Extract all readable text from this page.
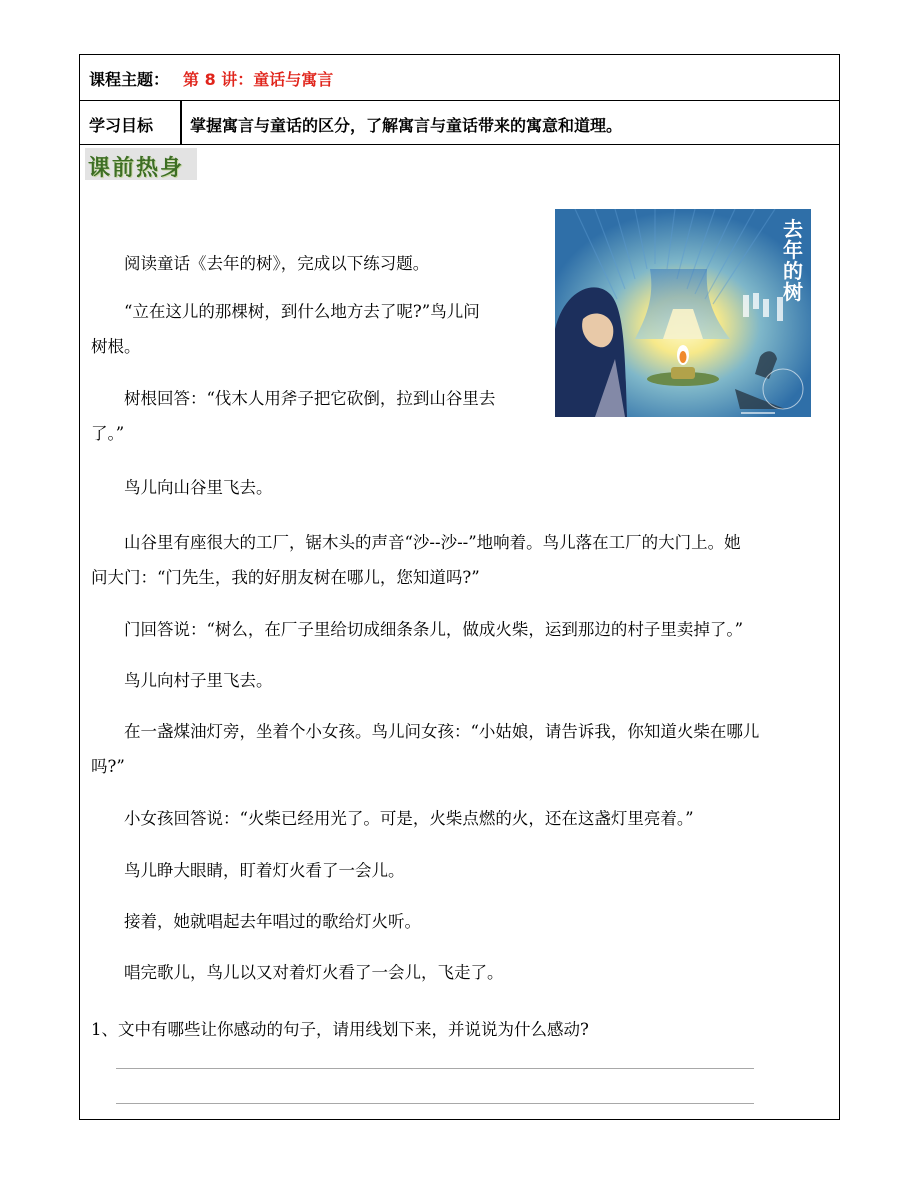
课程主题： 第 8 讲：童话与寓言
学习目标 掌握寓言与童话的区分，了解寓言与童话带来的寓意和道理。
课前热身
去
年
的
树
阅读童话《去年的树》，完成以下练习题。
“立在这儿的那棵树，到什么地方去了呢?”鸟儿问
树根。
树根回答：“伐木人用斧子把它砍倒，拉到山谷里去
了。”
鸟儿向山谷里飞去。
山谷里有座很大的工厂，锯木头的声音“沙--沙--”地响着。鸟儿落在工厂的大门上。她
问大门：“门先生，我的好朋友树在哪儿，您知道吗?”
门回答说：“树么，在厂子里给切成细条条儿，做成火柴，运到那边的村子里卖掉了。”
鸟儿向村子里飞去。
在一盏煤油灯旁，坐着个小女孩。鸟儿问女孩：“小姑娘，请告诉我，你知道火柴在哪儿
吗?”
小女孩回答说：“火柴已经用光了。可是，火柴点燃的火，还在这盏灯里亮着。”
鸟儿睁大眼睛，盯着灯火看了一会儿。
接着，她就唱起去年唱过的歌给灯火听。
唱完歌儿，鸟儿以又对着灯火看了一会儿，飞走了。
1、文中有哪些让你感动的句子，请用线划下来，并说说为什么感动?
